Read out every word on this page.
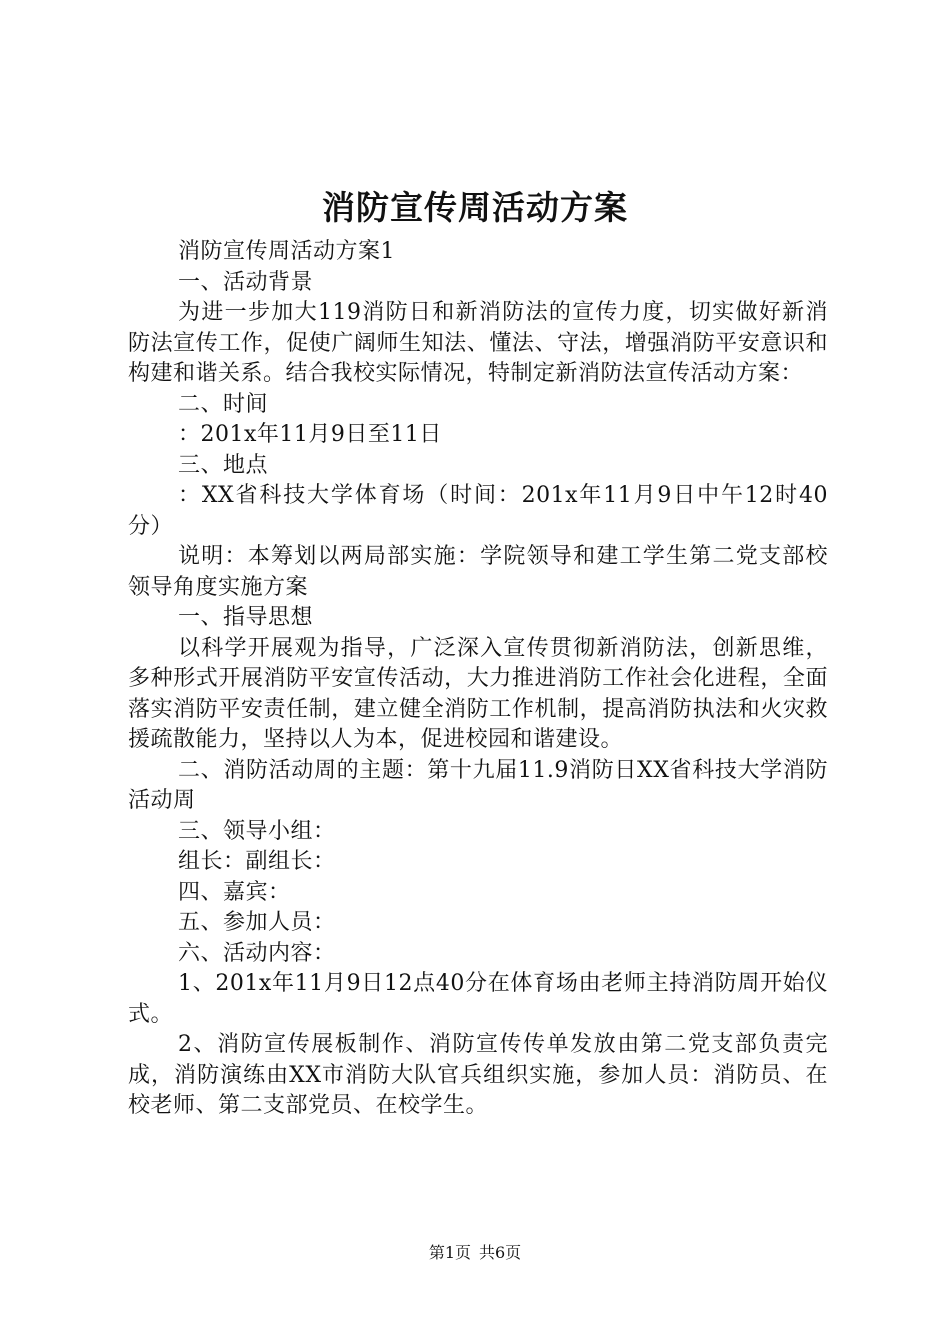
消防宣传周活动方案

消防宣传周活动方案1

一、活动背景

为进一步加大119消防日和新消防法的宣传力度，切实做好新消防法宣传工作，促使广阔师生知法、懂法、守法，增强消防平安意识和构建和谐关系。结合我校实际情况，特制定新消防法宣传活动方案：

二、时间

：201x年11月9日至11日

三、地点

：XX省科技大学体育场（时间：201x年11月9日中午12时40分）

说明：本筹划以两局部实施：学院领导和建工学生第二党支部校领导角度实施方案

一、指导思想

以科学开展观为指导，广泛深入宣传贯彻新消防法，创新思维，多种形式开展消防平安宣传活动，大力推进消防工作社会化进程，全面落实消防平安责任制，建立健全消防工作机制，提高消防执法和火灾救援疏散能力，坚持以人为本，促进校园和谐建设。

二、消防活动周的主题：第十九届11.9消防日XX省科技大学消防活动周

三、领导小组：

组长：副组长：

四、嘉宾：

五、参加人员：

六、活动内容：

1、201x年11月9日12点40分在体育场由老师主持消防周开始仪式。

2、消防宣传展板制作、消防宣传传单发放由第二党支部负责完成，消防演练由XX市消防大队官兵组织实施，参加人员：消防员、在校老师、第二支部党员、在校学生。

第1页 共6页
